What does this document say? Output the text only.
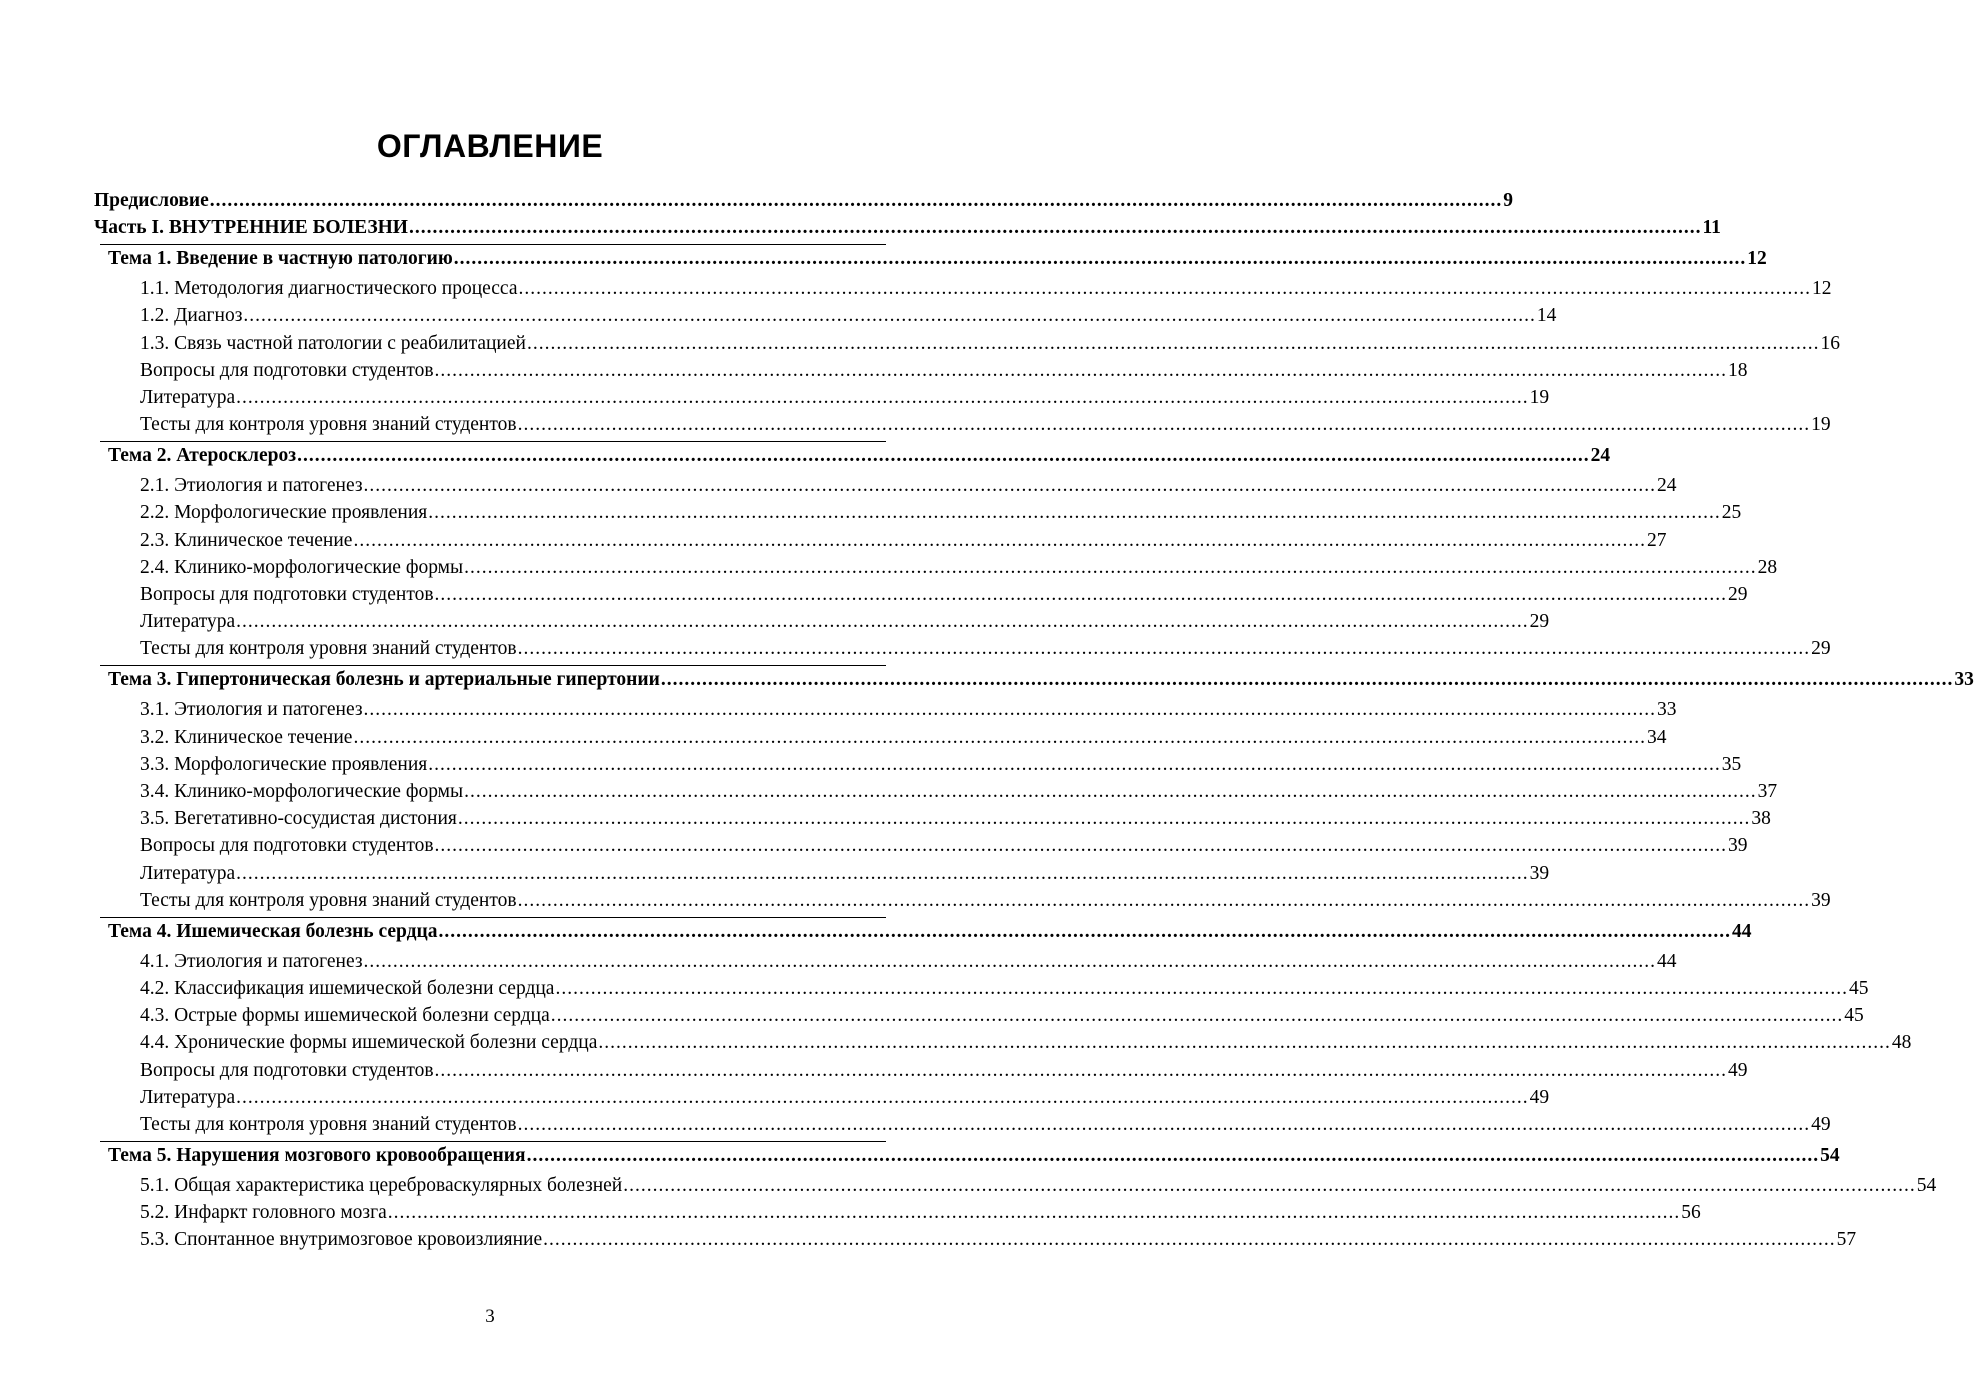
ОГЛАВЛЕНИЕ
Предисловие ............................................................................................................................................................................................................................ 9
Часть I. ВНУТРЕННИЕ БОЛЕЗНИ ............................................................................................................................................................................................................................ 11
Тема 1. Введение в частную патологию ............................................................................................................................................................................................................................ 12
1.1. Методология диагностического процесса ............................................................................................................................................................................................................................ 12
1.2. Диагноз ............................................................................................................................................................................................................................ 14
1.3. Связь частной патологии с реабилитацией ............................................................................................................................................................................................................................ 16
Вопросы для подготовки студентов ............................................................................................................................................................................................................................ 18
Литература ............................................................................................................................................................................................................................ 19
Тесты для контроля уровня знаний студентов ............................................................................................................................................................................................................................ 19
Тема 2. Атеросклероз ............................................................................................................................................................................................................................ 24
2.1. Этиология и патогенез ............................................................................................................................................................................................................................ 24
2.2. Морфологические проявления ............................................................................................................................................................................................................................ 25
2.3. Клиническое течение ............................................................................................................................................................................................................................ 27
2.4. Клинико-морфологические формы ............................................................................................................................................................................................................................ 28
Вопросы для подготовки студентов ............................................................................................................................................................................................................................ 29
Литература ............................................................................................................................................................................................................................ 29
Тесты для контроля уровня знаний студентов ............................................................................................................................................................................................................................ 29
Тема 3. Гипертоническая болезнь и артериальные гипертонии ............................................................................................................................................................................................................................ 33
3.1. Этиология и патогенез ............................................................................................................................................................................................................................ 33
3.2. Клиническое течение ............................................................................................................................................................................................................................ 34
3.3. Морфологические проявления ............................................................................................................................................................................................................................ 35
3.4. Клинико-морфологические формы ............................................................................................................................................................................................................................ 37
3.5. Вегетативно-сосудистая дистония ............................................................................................................................................................................................................................ 38
Вопросы для подготовки студентов ............................................................................................................................................................................................................................ 39
Литература ............................................................................................................................................................................................................................ 39
Тесты для контроля уровня знаний студентов ............................................................................................................................................................................................................................ 39
Тема 4. Ишемическая болезнь сердца ............................................................................................................................................................................................................................ 44
4.1. Этиология и патогенез ............................................................................................................................................................................................................................ 44
4.2. Классификация ишемической болезни сердца ............................................................................................................................................................................................................................ 45
4.3. Острые формы ишемической болезни сердца ............................................................................................................................................................................................................................ 45
4.4. Хронические формы ишемической болезни сердца ............................................................................................................................................................................................................................ 48
Вопросы для подготовки студентов ............................................................................................................................................................................................................................ 49
Литература ............................................................................................................................................................................................................................ 49
Тесты для контроля уровня знаний студентов ............................................................................................................................................................................................................................ 49
Тема 5. Нарушения мозгового кровообращения ............................................................................................................................................................................................................................ 54
5.1. Общая характеристика цереброваскулярных болезней ............................................................................................................................................................................................................................ 54
5.2. Инфаркт головного мозга ............................................................................................................................................................................................................................ 56
5.3. Спонтанное внутримозговое кровоизлияние ............................................................................................................................................................................................................................ 57
3
